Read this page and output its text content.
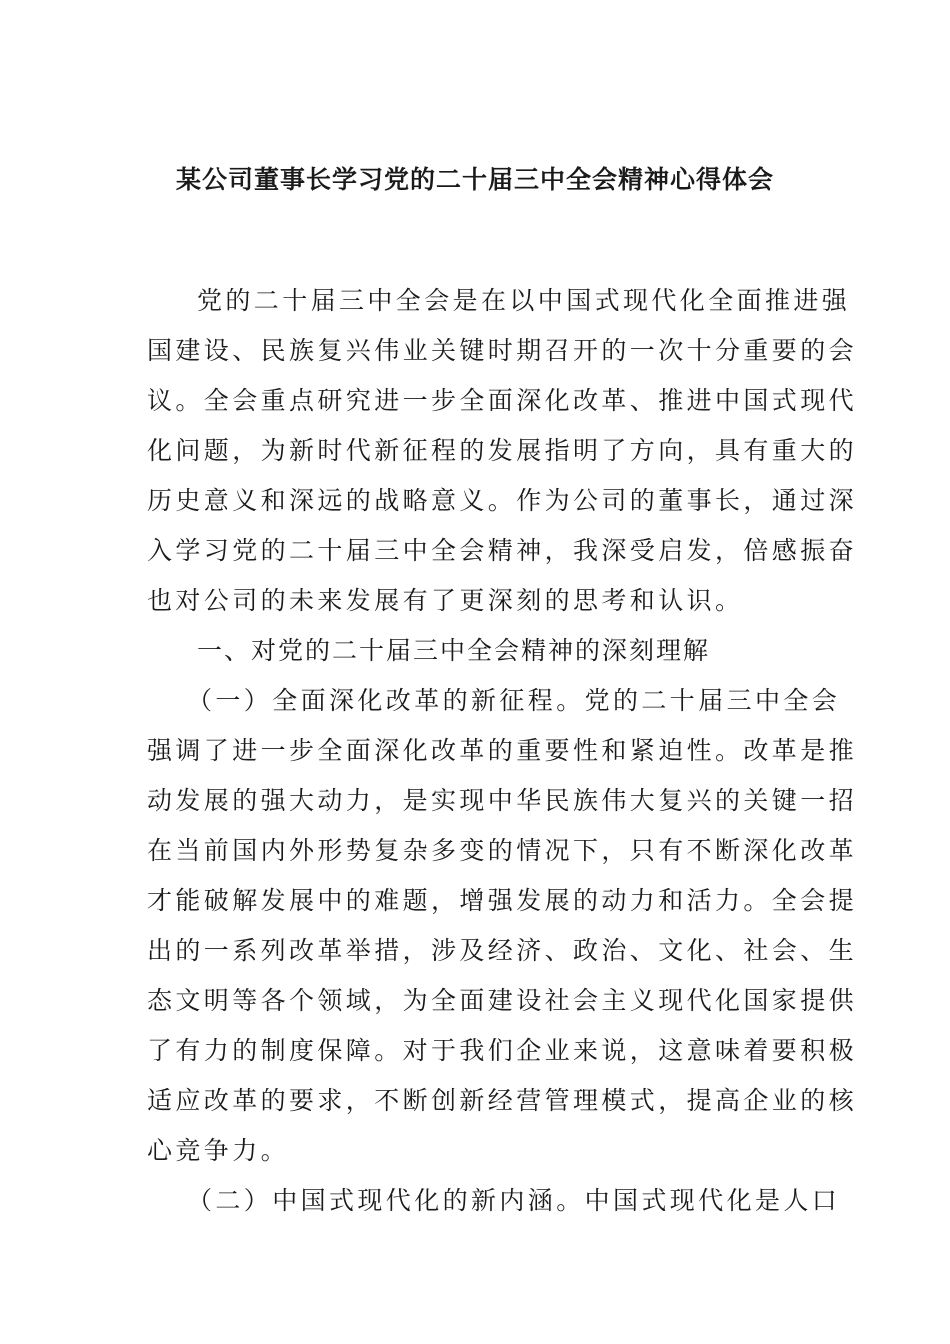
某公司董事长学习党的二十届三中全会精神心得体会
党的二十届三中全会是在以中国式现代化全面推进强
国建设、民族复兴伟业关键时期召开的一次十分重要的会
议。全会重点研究进一步全面深化改革、推进中国式现代
化问题，为新时代新征程的发展指明了方向，具有重大的
历史意义和深远的战略意义。作为公司的董事长，通过深
入学习党的二十届三中全会精神，我深受启发，倍感振奋
也对公司的未来发展有了更深刻的思考和认识。
一、对党的二十届三中全会精神的深刻理解
（一）全面深化改革的新征程。党的二十届三中全会
强调了进一步全面深化改革的重要性和紧迫性。改革是推
动发展的强大动力，是实现中华民族伟大复兴的关键一招
在当前国内外形势复杂多变的情况下，只有不断深化改革
才能破解发展中的难题，增强发展的动力和活力。全会提
出的一系列改革举措，涉及经济、政治、文化、社会、生
态文明等各个领域，为全面建设社会主义现代化国家提供
了有力的制度保障。对于我们企业来说，这意味着要积极
适应改革的要求，不断创新经营管理模式，提高企业的核
心竞争力。
（二）中国式现代化的新内涵。中国式现代化是人口
